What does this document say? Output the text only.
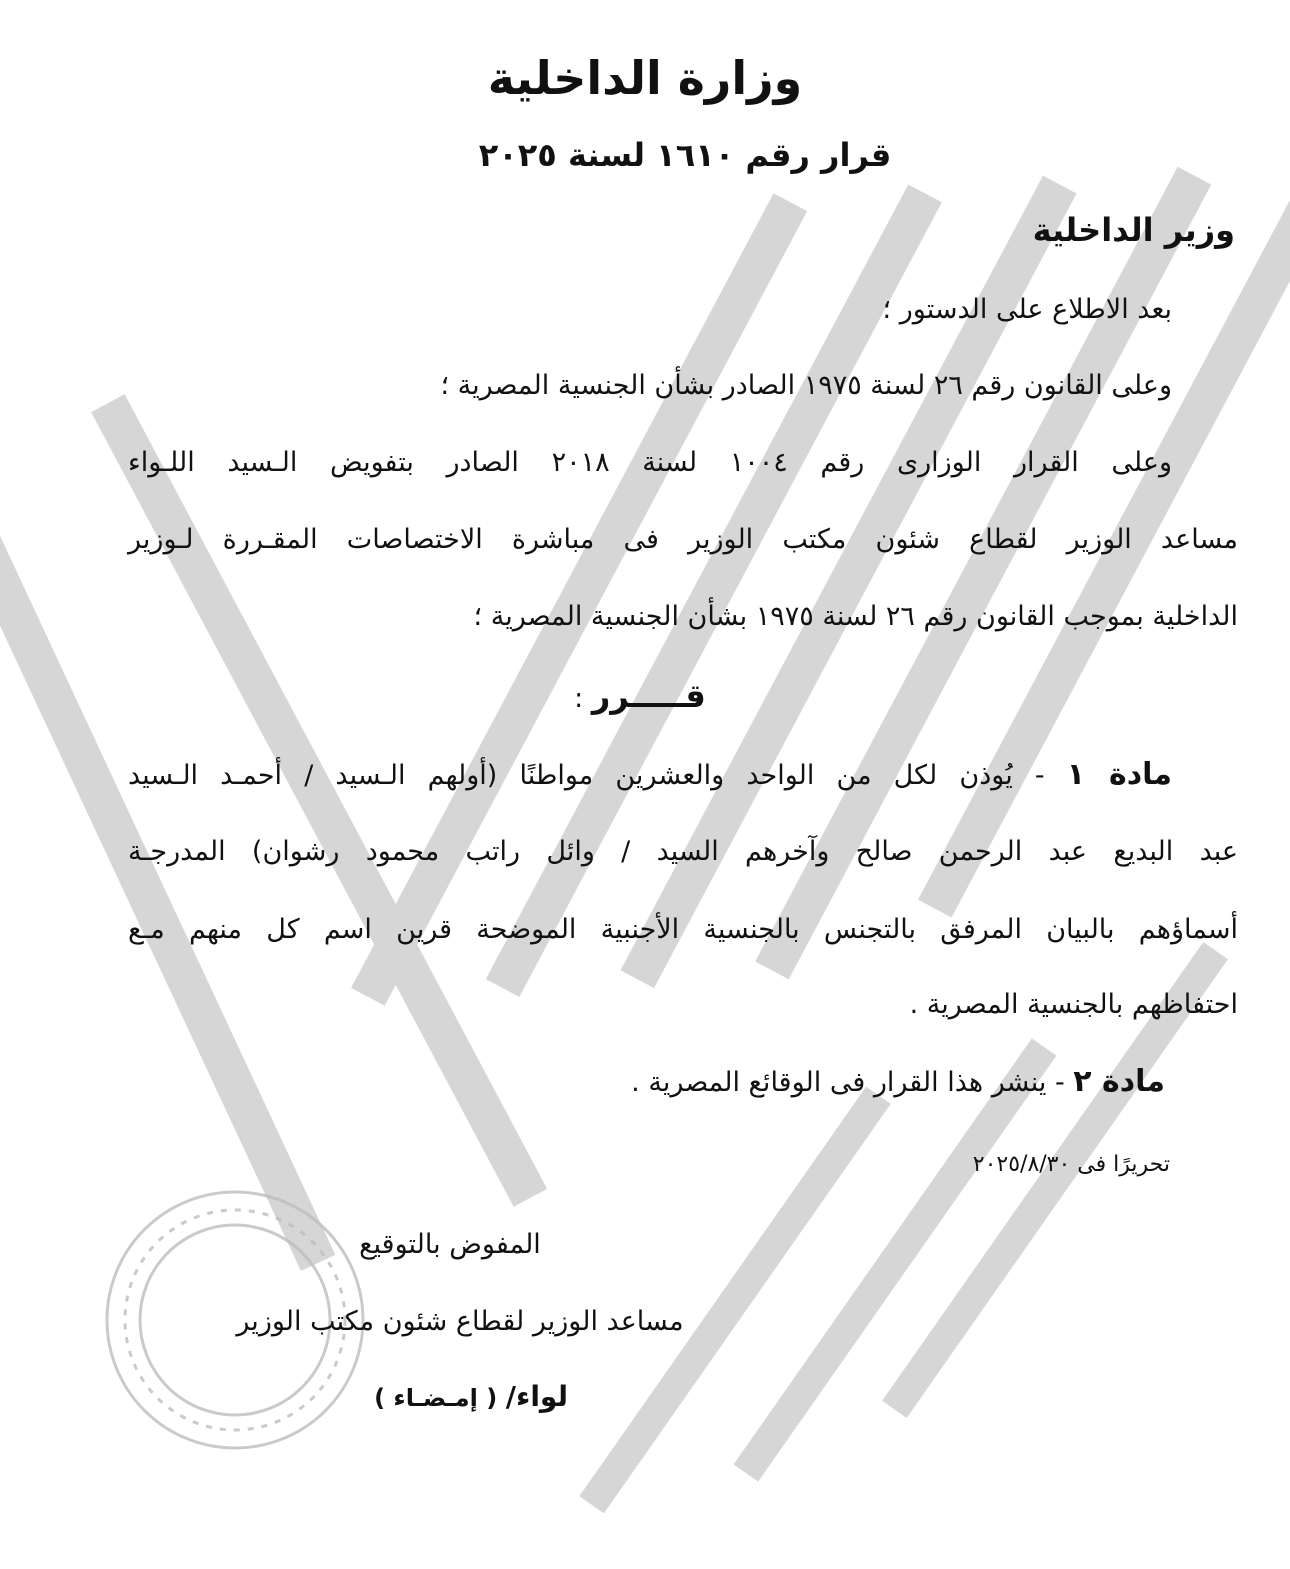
وزارة الداخلية
قرار رقم ١٦١٠ لسنة ٢٠٢٥
وزير الداخلية
بعد الاطلاع على الدستور ؛
وعلى القانون رقم ٢٦ لسنة ١٩٧٥ الصادر بشأن الجنسية المصرية ؛
وعلى القرار الوزارى رقم ١٠٠٤ لسنة ٢٠١٨ الصادر بتفويض الـسيد اللـواء
مساعد الوزير لقطاع شئون مكتب الوزير فى مباشرة الاختصاصات المقـررة لـوزير
الداخلية بموجب القانون رقم ٢٦ لسنة ١٩٧٥ بشأن الجنسية المصرية ؛
قـــــرر :
مادة ١ - يُوذن لكل من الواحد والعشرين مواطنًا (أولهم الـسيد / أحمـد الـسيد
عبد البديع عبد الرحمن صالح وآخرهم السيد / وائل راتب محمود رشوان) المدرجـة
أسماؤهم بالبيان المرفق بالتجنس بالجنسية الأجنبية الموضحة قرين اسم كل منهم مـع
احتفاظهم بالجنسية المصرية .
مادة ٢ - ينشر هذا القرار فى الوقائع المصرية .
تحريرًا فى ٢٠٢٥/٨/٣٠
المفوض بالتوقيع
مساعد الوزير لقطاع شئون مكتب الوزير
لواء/ ( إمـضـاء )
